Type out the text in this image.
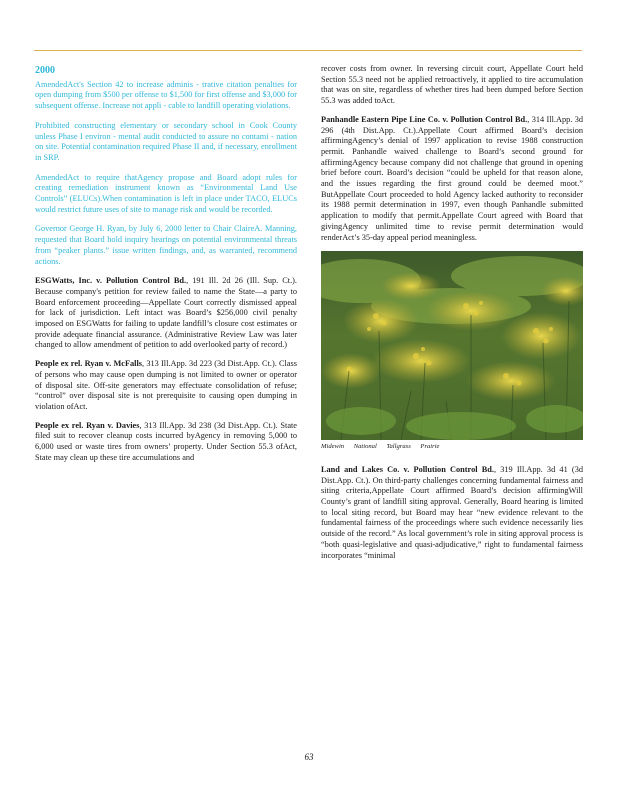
2000

AmendedAct's Section 42 to increase adminis - trative citation penalties for open dumping from $500 per offense to $1,500 for first offense and $3,000 for subsequent offense. Increase not appli - cable to landfill operating violations.

Prohibited constructing elementary or secondary school in Cook County unless Phase I environ - mental audit conducted to assure no contami - nation on site. Potential contamination required Phase II and, if necessary, enrollment in SRP.

AmendedAct to require thatAgency propose and Board adopt rules for creating remediation instrument known as “Environmental Land Use Controls” (ELUCs).When contamination is left in place under TACO, ELUCs would restrict future uses of site to manage risk and would be recorded.

Governor George H. Ryan, by July 6, 2000 letter to Chair ClaireA. Manning, requested that Board hold inquiry hearings on potential environmental threats from “peaker plants.” issue written findings, and, as warranted, recommend actions.

ESGWatts, Inc. v. Pollution Control Bd., 191 Ill. 2d 26 (Ill. Sup. Ct.). Because company's petition for review failed to name the State—a party to Board enforcement proceeding—Appellate Court correctly dismissed appeal for lack of jurisdiction. Left intact was Board’s $256,000 civil penalty imposed on ESGWatts for failing to update landfill’s closure cost estimates or provide adequate financial assurance. (Administrative Review Law was later changed to allow amendment of petition to add overlooked party of record.)

People ex rel. Ryan v. McFalls, 313 Ill.App. 3d 223 (3d Dist.App. Ct.). Class of persons who may cause open dumping is not limited to owner or operator of disposal site. Off-site generators may effectuate consolidation of refuse; “control” over disposal site is not prerequisite to causing open dumping in violation ofAct.

People ex rel. Ryan v. Davies, 313 Ill.App. 3d 238 (3d Dist.App. Ct.). State filed suit to recover cleanup costs incurred byAgency in removing 5,000 to 6,000 used or waste tires from owners’ property. Under Section 55.3 ofAct, State may clean up these tire accumulations and

recover costs from owner. In reversing circuit court, Appellate Court held Section 55.3 need not be applied retroactively, it applied to tire accumulation that was on site, regardless of whether tires had been dumped before Section 55.3 was added toAct.

Panhandle Eastern Pipe Line Co. v. Pollution Control Bd., 314 Ill.App. 3d 296 (4th Dist.App. Ct.).Appellate Court affirmed Board’s decision affirmingAgency’s denial of 1997 application to revise 1988 construction permit. Panhandle waived challenge to Board’s second ground for affirmingAgency because company did not challenge that ground in opening brief before court. Board’s decision “could be upheld for that reason alone, and the issues regarding the first ground could be deemed moot.” ButAppellate Court proceeded to hold Agency lacked authority to reconsider its 1988 permit determination in 1997, even though Panhandle submitted application to modify that permit.Appellate Court agreed with Board that givingAgency unlimited time to revise permit determination would renderAct’s 35-day appeal period meaningless.

Midewin National Tallgrass Prairie

Land and Lakes Co. v. Pollution Control Bd., 319 Ill.App. 3d 41 (3d Dist.App. Ct.). On third-party challenges concerning fundamental fairness and siting criteria,Appellate Court affirmed Board’s decision affirmingWill County’s grant of landfill siting approval. Generally, Board hearing is limited to local siting record, but Board may hear “new evidence relevant to the fundamental fairness of the proceedings where such evidence necessarily lies outside of the record.” As local government’s role in siting approval process is “both quasi-legislative and quasi-adjudicative,” right to fundamental fairness incorporates “minimal

63
